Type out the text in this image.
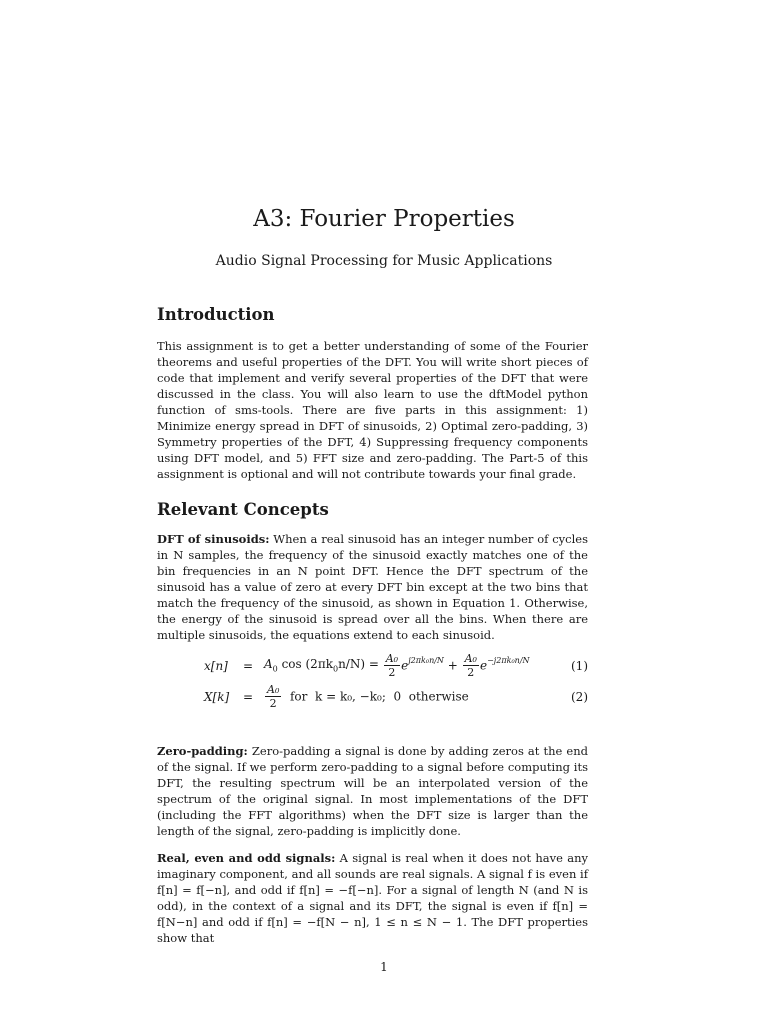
A3: Fourier Properties
Audio Signal Processing for Music Applications
Introduction

This assignment is to get a better understanding of some of the Fourier theorems and useful properties of the DFT. You will write short pieces of code that implement and verify several properties of the DFT that were discussed in the class. You will also learn to use the dftModel python function of sms-tools. There are five parts in this assignment: 1) Minimize energy spread in DFT of sinusoids, 2) Optimal zero-padding, 3) Symmetry properties of the DFT, 4) Suppressing frequency components using DFT model, and 5) FFT size and zero-padding. The Part-5 of this assignment is optional and will not contribute towards your final grade.

Relevant Concepts

DFT of sinusoids: When a real sinusoid has an integer number of cycles in N samples, the frequency of the sinusoid exactly matches one of the bin frequencies in an N point DFT. Hence the DFT spectrum of the sinusoid has a value of zero at every DFT bin except at the two bins that match the frequency of the sinusoid, as shown in Equation 1. Otherwise, the energy of the sinusoid is spread over all the bins. When there are multiple sinusoids, the equations extend to each sinusoid.

$x[n] = A_0$ $\cos (2\pi k_0n/N) = \frac{\text{A₀}}{2} e^{j2\pi k_0n/N} + \frac{\text{A₀}}{2} e^{-j2\pi k_0n/N}$	(1)
$X[k] = \frac{\text{A₀}}{2}$ for  k = k₀, −k₀;  0  otherwise	(2)

Zero-padding: Zero-padding a signal is done by adding zeros at the end of the signal. If we perform zero-padding to a signal before computing its DFT, the resulting spectrum will be an interpolated version of the spectrum of the original signal. In most implementations of the DFT (including the FFT algorithms) when the DFT size is larger than the length of the signal, zero-padding is implicitly done.

Real, even and odd signals: A signal is real when it does not have any imaginary component, and all sounds are real signals. A signal f is even if f[n] = f[−n], and odd if f[n] = −f[−n]. For a signal of length N (and N is odd), in the context of a signal and its DFT, the signal is even if f[n] = f[N−n] and odd if f[n] = −f[N − n], 1 ≤ n ≤ N − 1. The DFT properties show that

1
